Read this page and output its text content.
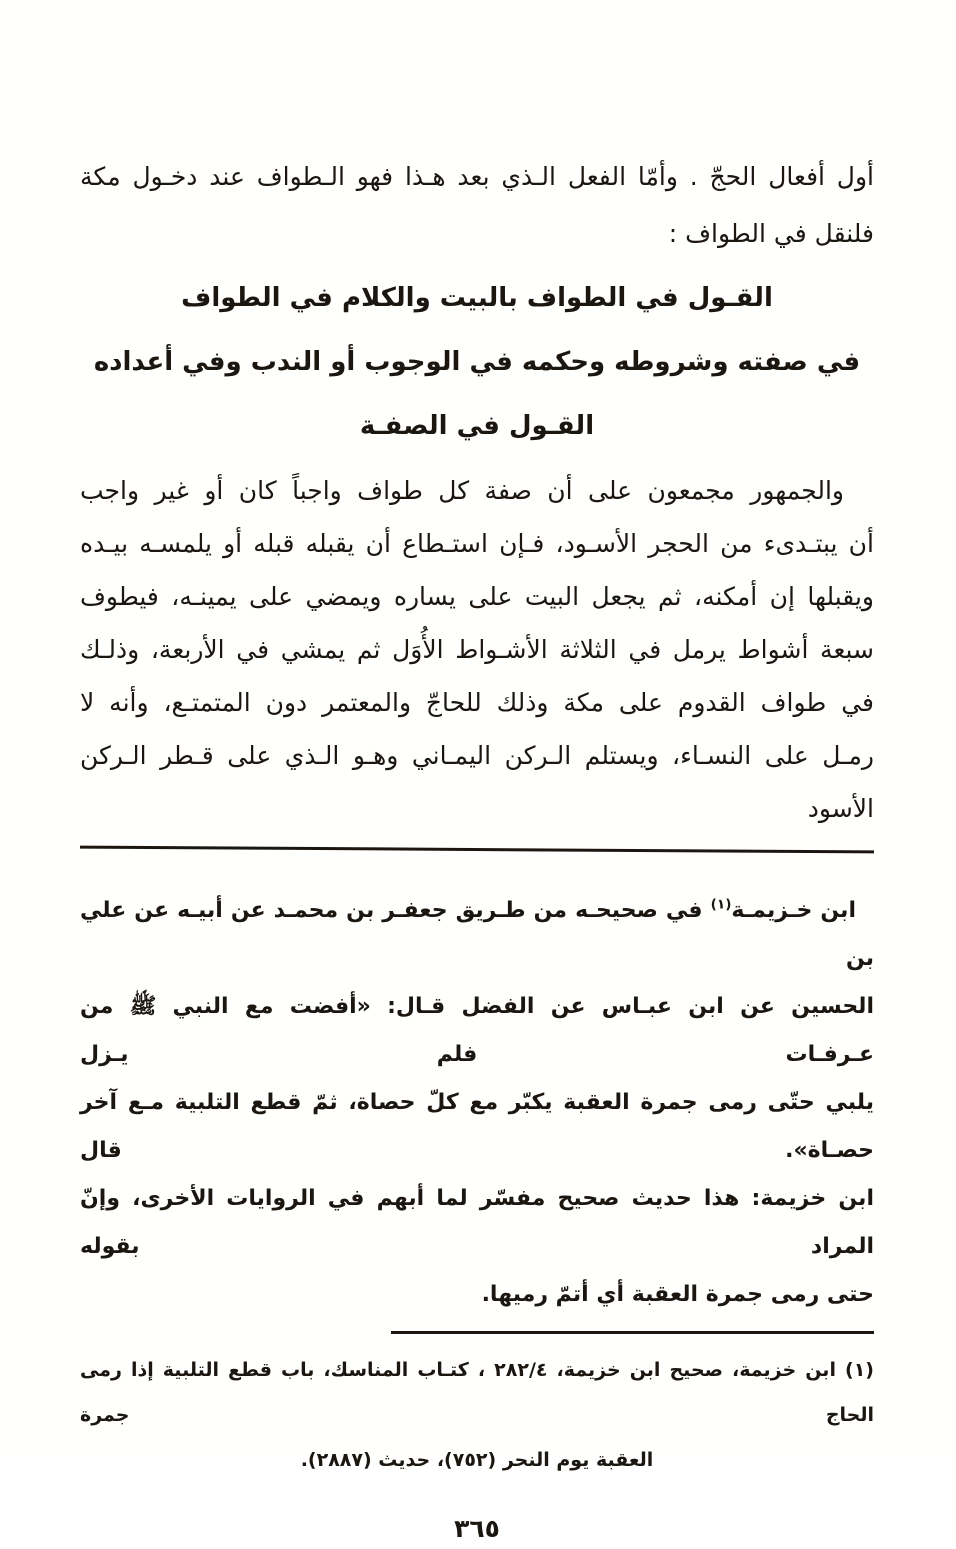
أول أفعال الحجّ . وأمّا الفعل الـذي بعد هـذا فهو الـطواف عند دخـول مكة
فلنقل في الطواف :
القـول في الطواف بالبيت والكلام في الطواف
في صفته وشروطه وحكمه في الوجوب أو الندب وفي أعداده
القـول في الصفـة
والجمهور مجمعون على أن صفة كل طواف واجباً كان أو غير واجب
أن يبتـدىء من الحجر الأسـود، فـإن استـطاع أن يقبله قبله أو يلمسـه بيـده
ويقبلها إن أمكنه، ثم يجعل البيت على يساره ويمضي على يمينـه، فيطوف
سبعة أشواط يرمل في الثلاثة الأشـواط الأُوَل ثم يمشي في الأربعة، وذلـك
في طواف القدوم على مكة وذلك للحاجّ والمعتمر دون المتمتـع، وأنه لا
رمـل على النسـاء، ويستلم الـركن اليمـاني وهـو الـذي على قـطر الـركن
الأسود
ابن خـزيمـة$^{(١)}$ في صحيحـه من طـريق جعفـر بن محمـد عن أبيـه عن علي بن
الحسين عن ابن عبـاس عن الفضل قـال: «أفضت مع النبي ﷺ من عـرفـات فلم يـزل
يلبي حتّى رمى جمرة العقبة يكبّر مع كلّ حصاة، ثمّ قطع التلبية مـع آخر حصـاة». قال
ابن خزيمة: هذا حديث صحيح مفسّر لما أبهم في الروايات الأخرى، وإنّ المراد بقوله
حتى رمى جمرة العقبة أي أتمّ رميها.
(١) ابن خزيمة، صحيح ابن خزيمة، ٢٨٢/٤ ، كتـاب المناسك، باب قطع التلبية إذا رمى الحاج جمرة
العقبة يوم النحر (٧٥٢)، حديث (٢٨٨٧).
٣٦٥
